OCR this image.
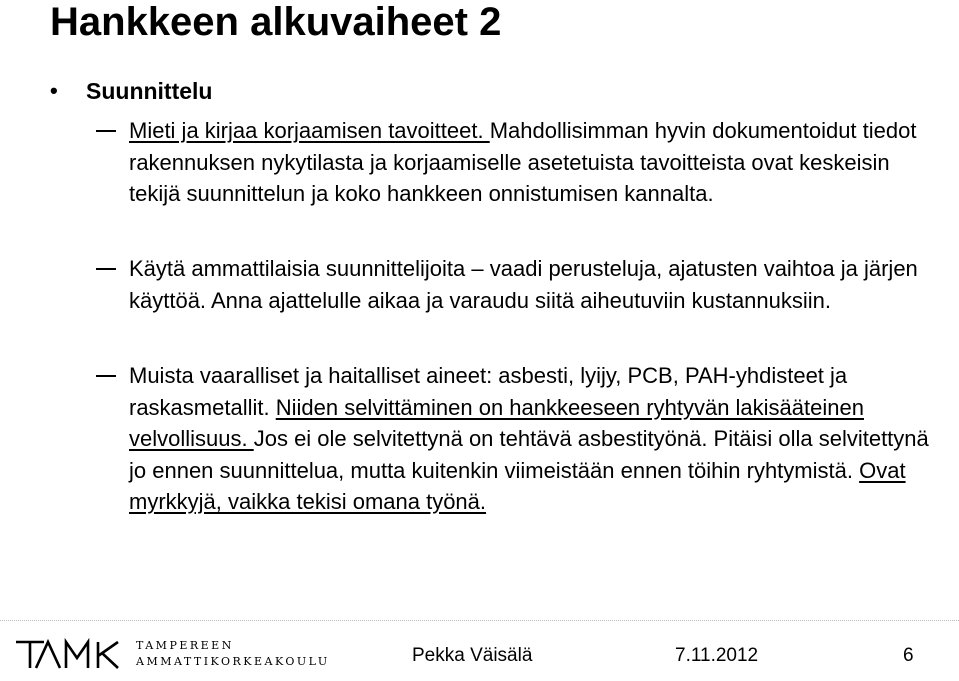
Hankkeen alkuvaiheet 2
•	Suunnittelu

Mieti ja kirjaa korjaamisen tavoitteet. Mahdollisimman hyvin dokumentoidut tiedot rakennuksen nykytilasta ja korjaamiselle asetetuista tavoitteista ovat keskeisin tekijä suunnittelun ja koko hankkeen onnistumisen kannalta.

Käytä ammattilaisia suunnittelijoita – vaadi perusteluja, ajatusten vaihtoa ja järjen käyttöä. Anna ajattelulle aikaa ja varaudu siitä aiheutuviin kustannuksiin.

Muista vaaralliset ja haitalliset aineet: asbesti, lyijy, PCB, PAH-yhdisteet ja raskasmetallit. Niiden selvittäminen on hankkeeseen ryhtyvän lakisääteinen velvollisuus. Jos ei ole selvitettynä on tehtävä asbestityönä. Pitäisi olla selvitettynä jo ennen suunnittelua, mutta kuitenkin viimeistään ennen töihin ryhtymistä. Ovat myrkkyjä, vaikka tekisi omana työnä.

TAMPEREEN
AMMATTIKORKEAKOULU	Pekka Väisälä	7.11.2012	6
